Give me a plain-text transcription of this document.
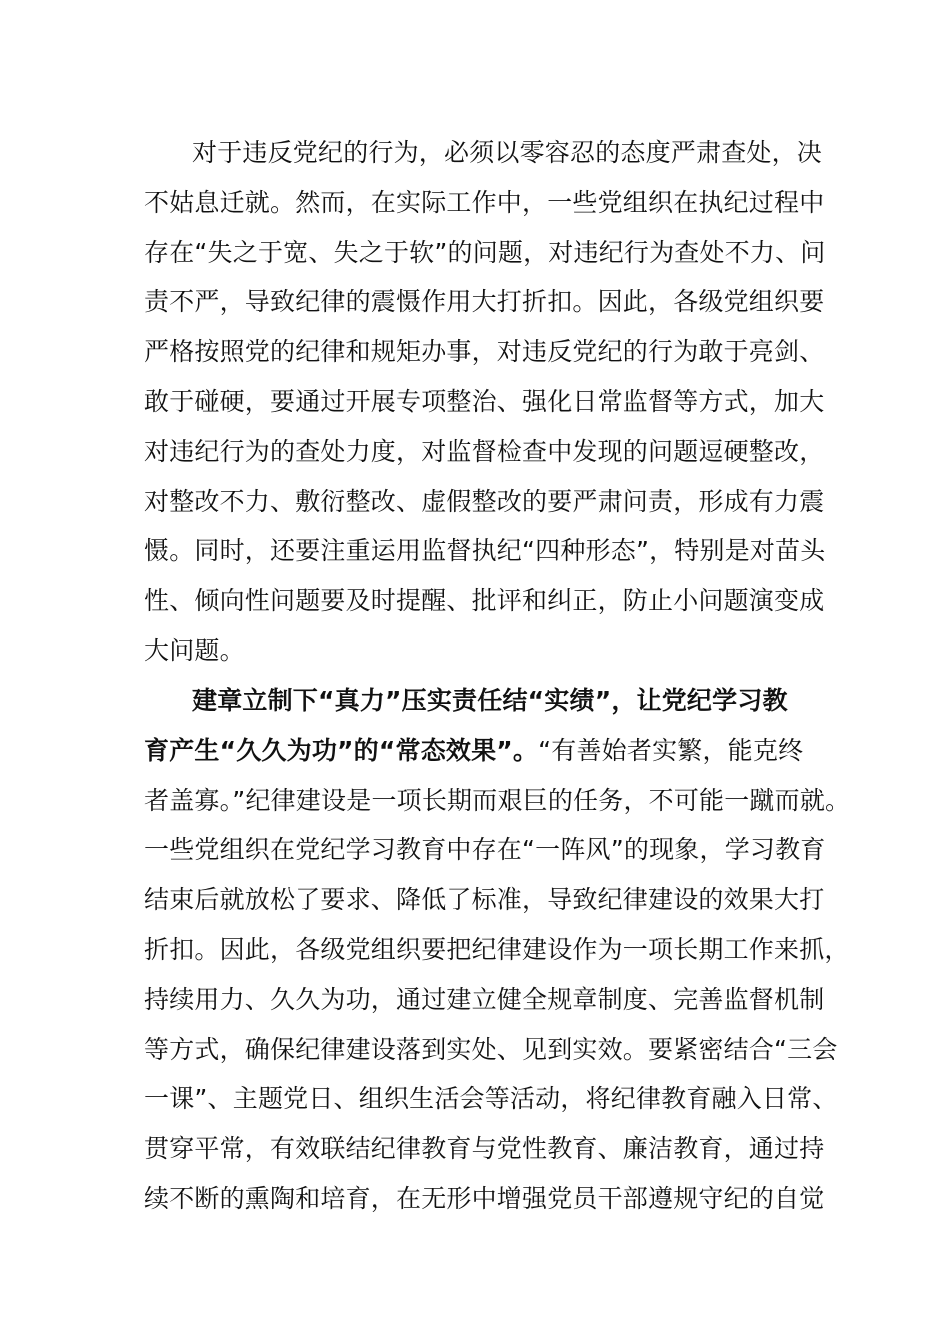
对于违反党纪的行为，必须以零容忍的态度严肃查处，决
不姑息迁就。然而，在实际工作中，一些党组织在执纪过程中
存在“失之于宽、失之于软”的问题，对违纪行为查处不力、问
责不严，导致纪律的震慑作用大打折扣。因此，各级党组织要
严格按照党的纪律和规矩办事，对违反党纪的行为敢于亮剑、
敢于碰硬，要通过开展专项整治、强化日常监督等方式，加大
对违纪行为的查处力度，对监督检查中发现的问题逗硬整改，
对整改不力、敷衍整改、虚假整改的要严肃问责，形成有力震
慑。同时，还要注重运用监督执纪“四种形态”，特别是对苗头
性、倾向性问题要及时提醒、批评和纠正，防止小问题演变成
大问题。
建章立制下“真力”压实责任结“实绩”，让党纪学习教
育产生“久久为功”的“常态效果”。“有善始者实繁，能克终
者盖寡。”纪律建设是一项长期而艰巨的任务，不可能一蹴而就。
一些党组织在党纪学习教育中存在“一阵风”的现象，学习教育
结束后就放松了要求、降低了标准，导致纪律建设的效果大打
折扣。因此，各级党组织要把纪律建设作为一项长期工作来抓，
持续用力、久久为功，通过建立健全规章制度、完善监督机制
等方式，确保纪律建设落到实处、见到实效。要紧密结合“三会
一课”、主题党日、组织生活会等活动，将纪律教育融入日常、
贯穿平常，有效联结纪律教育与党性教育、廉洁教育，通过持
续不断的熏陶和培育，在无形中增强党员干部遵规守纪的自觉
